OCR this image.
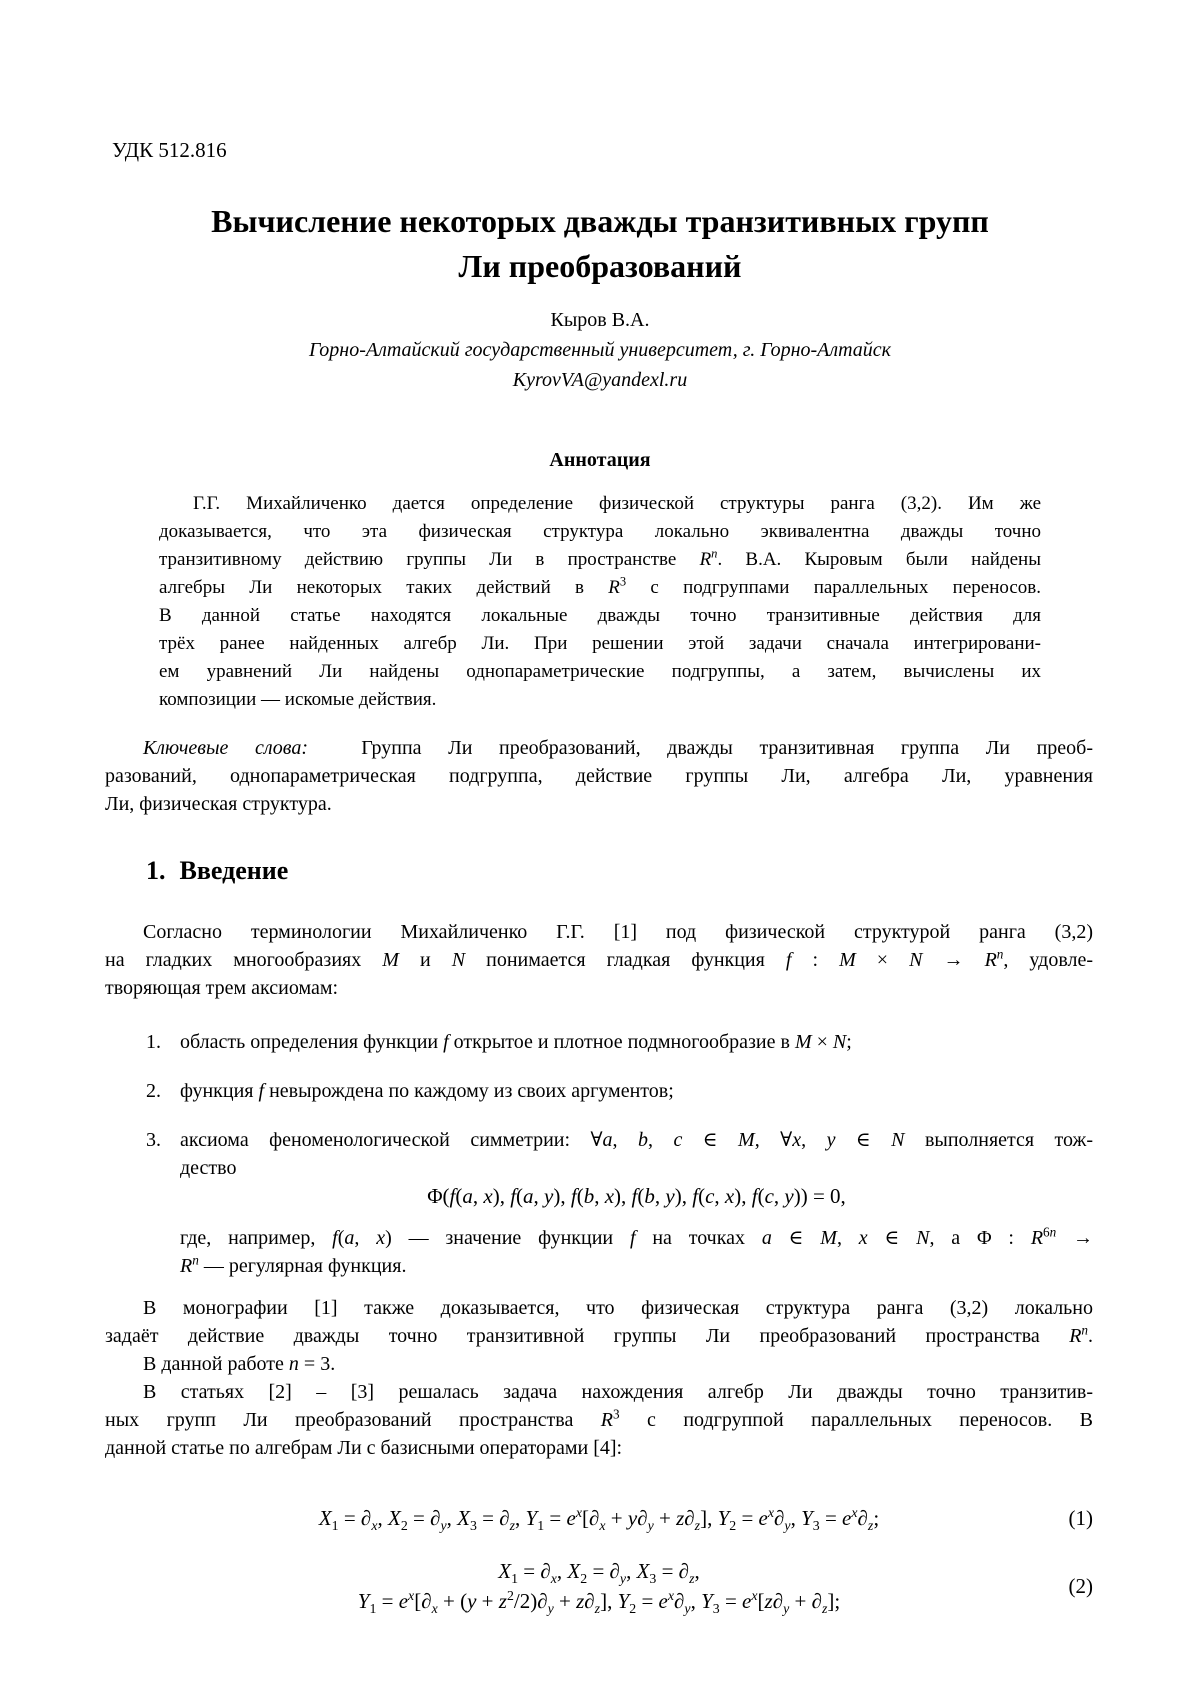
УДК 512.816
Вычисление некоторых дважды транзитивных групп
Ли преобразований
Кыров В.А.
Горно-Алтайский государственный университет, г. Горно-Алтайск
KyrovVA@yandexl.ru
Аннотация
Г.Г. Михайличенко дается определение физической структуры ранга (3,2). Им же
доказывается, что эта физическая структура локально эквивалентна дважды точно
транзитивному действию группы Ли в пространстве $R^n$. В.А. Кыровым были найдены
алгебры Ли некоторых таких действий в $R^3$ с подгруппами параллельных переносов.
В данной статье находятся локальные дважды точно транзитивные действия для
трёх ранее найденных алгебр Ли. При решении этой задачи сначала интегрировани-
ем уравнений Ли найдены однопараметрические подгруппы, а затем, вычислены их
композиции — искомые действия.
Ключевые слова:  Группа Ли преобразований, дважды транзитивная группа Ли преоб-
разований, однопараметрическая подгруппа, действие группы Ли, алгебра Ли, уравнения
Ли, физическая структура.
1. Введение
Согласно терминологии Михайличенко Г.Г. [1] под физической структурой ранга (3,2)
на гладких многообразиях M и N понимается гладкая функция f : $M \times N \to R^n$, удовле-
творяющая трем аксиомам:
1. область определения функции f открытое и плотное подмногообразие в M × N;
2. функция f невырождена по каждому из своих аргументов;
3. аксиома феноменологической симметрии: ∀a, b, c ∈ M, ∀x, y ∈ N выполняется тож-
дество
Φ(f(a, x), f(a, y), f(b, x), f(b, y), f(c, x), f(c, y)) = 0,
где, например, f(a, x) — значение функции f на точках a ∈ M, x ∈ N, а Φ : $R^{6n}$ →
$R^n$ — регулярная функция.
В монографии [1] также доказывается, что физическая структура ранга (3,2) локально
задаёт действие дважды точно транзитивной группы Ли преобразований пространства $R^n$.
В данной работе n = 3.
В статьях [2] – [3] решалась задача нахождения алгебр Ли дважды точно транзитив-
ных групп Ли преобразований пространства $R^3$ с подгруппой параллельных переносов. В
данной статье по алгебрам Ли с базисными операторами [4]:
$X_1 = \partial_x$, $X_2 = \partial_y$, $X_3 = \partial_z$, $Y_1 = e^x[\partial_x + y\partial_y + z\partial_z]$, $Y_2 = e^x\partial_y$, $Y_3 = e^x\partial_z$;	(1)
$X_1 = \partial_x$, $X_2 = \partial_y$, $X_3 = \partial_z$,
$Y_1 = e^x[\partial_x + (y + z^2/2)\partial_y + z\partial_z]$, $Y_2 = e^x\partial_y$, $Y_3 = e^x[z\partial_y + \partial_z]$;
(2)
